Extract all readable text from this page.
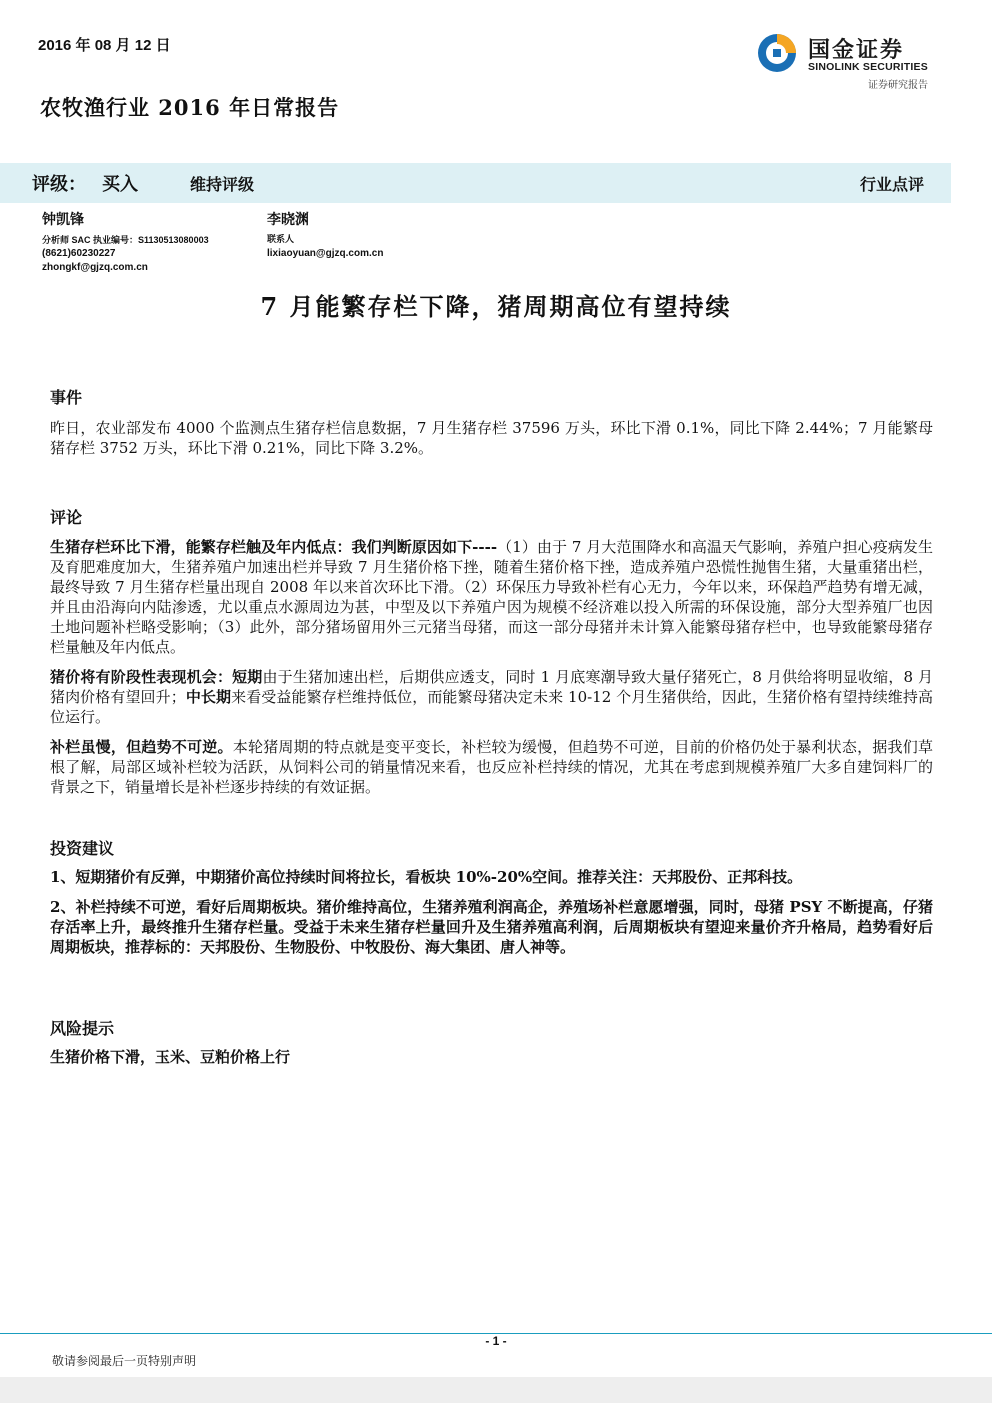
2016 年 08 月 12 日	国金证券
SINOLINK SECURITIES
证券研究报告
农牧渔行业 2016 年日常报告
评级： 买入	维持评级	行业点评
钟凯锋
分析师 SAC 执业编号：S1130513080003
(8621)60230227
zhongkf@gjzq.com.cn
李晓渊
联系人
lixiaoyuan@gjzq.com.cn
7 月能繁存栏下降，猪周期高位有望持续
事件
昨日，农业部发布 4000 个监测点生猪存栏信息数据，7 月生猪存栏 37596 万头，环比下滑 0.1%，同比下降 2.44%；7 月能繁母猪存栏 3752 万头，环比下滑 0.21%，同比下降 3.2%。
评论
生猪存栏环比下滑，能繁存栏触及年内低点：我们判断原因如下----（1）由于 7 月大范围降水和高温天气影响，养殖户担心疫病发生及育肥难度加大，生猪养殖户加速出栏并导致 7 月生猪价格下挫，随着生猪价格下挫，造成养殖户恐慌性抛售生猪，大量重猪出栏，最终导致 7 月生猪存栏量出现自 2008 年以来首次环比下滑。（2）环保压力导致补栏有心无力，今年以来，环保趋严趋势有增无减，并且由沿海向内陆渗透，尤以重点水源周边为甚，中型及以下养殖户因为规模不经济难以投入所需的环保设施，部分大型养殖厂也因土地问题补栏略受影响；（3）此外，部分猪场留用外三元猪当母猪，而这一部分母猪并未计算入能繁母猪存栏中，也导致能繁母猪存栏量触及年内低点。
猪价将有阶段性表现机会：短期由于生猪加速出栏，后期供应透支，同时 1 月底寒潮导致大量仔猪死亡，8 月供给将明显收缩，8 月猪肉价格有望回升；中长期来看受益能繁存栏维持低位，而能繁母猪决定未来 10-12 个月生猪供给，因此，生猪价格有望持续维持高位运行。
补栏虽慢，但趋势不可逆。本轮猪周期的特点就是变平变长，补栏较为缓慢，但趋势不可逆，目前的价格仍处于暴利状态，据我们草根了解，局部区域补栏较为活跃，从饲料公司的销量情况来看，也反应补栏持续的情况，尤其在考虑到规模养殖厂大多自建饲料厂的背景之下，销量增长是补栏逐步持续的有效证据。
投资建议
1、短期猪价有反弹，中期猪价高位持续时间将拉长，看板块 10%-20%空间。推荐关注：天邦股份、正邦科技。
2、补栏持续不可逆，看好后周期板块。猪价维持高位，生猪养殖利润高企，养殖场补栏意愿增强，同时，母猪 PSY 不断提高，仔猪存活率上升，最终推升生猪存栏量。受益于未来生猪存栏量回升及生猪养殖高利润，后周期板块有望迎来量价齐升格局，趋势看好后周期板块，推荐标的：天邦股份、生物股份、中牧股份、海大集团、唐人神等。
风险提示
生猪价格下滑，玉米、豆粕价格上行
- 1 -
敬请参阅最后一页特别声明
